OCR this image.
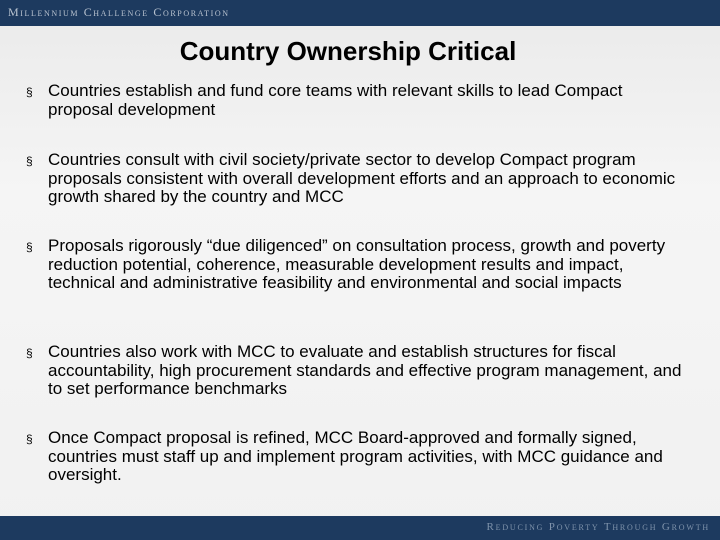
Millennium Challenge Corporation
Country Ownership Critical
§ Countries establish and fund core teams with relevant skills to lead Compact proposal development
§ Countries consult with civil society/private sector to develop Compact program proposals consistent with overall development efforts and an approach to economic growth shared by the country and MCC
§ Proposals rigorously “due diligenced” on consultation process, growth and poverty reduction potential, coherence, measurable development results and impact, technical and administrative feasibility and environmental and social impacts
§ Countries also work with MCC to evaluate and establish structures for fiscal accountability, high procurement standards and effective program management, and to set performance benchmarks
§ Once Compact proposal is refined, MCC Board-approved and formally signed, countries must staff up and implement program activities, with MCC guidance and oversight.
Reducing Poverty Through Growth
